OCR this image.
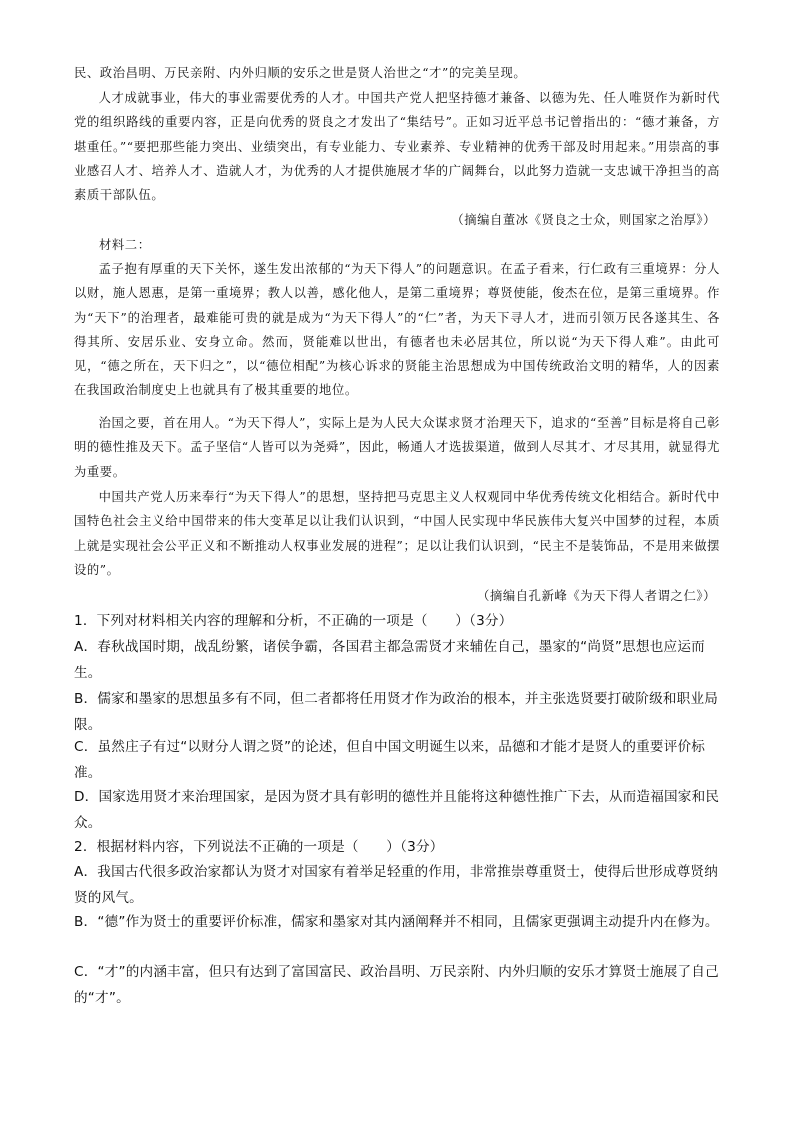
民、政治昌明、万民亲附、内外归顺的安乐之世是贤人治世之“才”的完美呈现。

人才成就事业，伟大的事业需要优秀的人才。中国共产党人把坚持德才兼备、以德为先、任人唯贤作为新时代党的组织路线的重要内容，正是向优秀的贤良之才发出了“集结号”。正如习近平总书记曾指出的：“德才兼备，方堪重任。”“要把那些能力突出、业绩突出，有专业能力、专业素养、专业精神的优秀干部及时用起来。”用崇高的事业感召人才、培养人才、造就人才，为优秀的人才提供施展才华的广阔舞台，以此努力造就一支忠诚干净担当的高素质干部队伍。

（摘编自董冰《贤良之士众，则国家之治厚》）

材料二：

孟子抱有厚重的天下关怀，遂生发出浓郁的“为天下得人”的问题意识。在孟子看来，行仁政有三重境界：分人以财，施人恩惠，是第一重境界；教人以善，感化他人，是第二重境界；尊贤使能，俊杰在位，是第三重境界。作为“天下”的治理者，最难能可贵的就是成为“为天下得人”的“仁”者，为天下寻人才，进而引领万民各遂其生、各得其所、安居乐业、安身立命。然而，贤能难以世出，有德者也未必居其位，所以说“为天下得人难”。由此可见，“德之所在，天下归之”，以“德位相配”为核心诉求的贤能主治思想成为中国传统政治文明的精华，人的因素在我国政治制度史上也就具有了极其重要的地位。

治国之要，首在用人。“为天下得人”，实际上是为人民大众谋求贤才治理天下，追求的“至善”目标是将自己彰明的德性推及天下。孟子坚信“人皆可以为尧舜”，因此，畅通人才选拔渠道，做到人尽其才、才尽其用，就显得尤为重要。

中国共产党人历来奉行“为天下得人”的思想，坚持把马克思主义人权观同中华优秀传统文化相结合。新时代中国特色社会主义给中国带来的伟大变革足以让我们认识到，“中国人民实现中华民族伟大复兴中国梦的过程，本质上就是实现社会公平正义和不断推动人权事业发展的进程”；足以让我们认识到，“民主不是装饰品，不是用来做摆设的”。

（摘编自孔新峰《为天下得人者谓之仁》）

1．下列对材料相关内容的理解和分析，不正确的一项是（　　）（3分）

A．春秋战国时期，战乱纷繁，诸侯争霸，各国君主都急需贤才来辅佐自己，墨家的“尚贤”思想也应运而生。

B．儒家和墨家的思想虽多有不同，但二者都将任用贤才作为政治的根本，并主张选贤要打破阶级和职业局限。

C．虽然庄子有过“以财分人谓之贤”的论述，但自中国文明诞生以来，品德和才能才是贤人的重要评价标准。

D．国家选用贤才来治理国家，是因为贤才具有彰明的德性并且能将这种德性推广下去，从而造福国家和民众。

2．根据材料内容，下列说法不正确的一项是（　　）（3分）

A．我国古代很多政治家都认为贤才对国家有着举足轻重的作用，非常推崇尊重贤士，使得后世形成尊贤纳贤的风气。

B．“德”作为贤士的重要评价标准，儒家和墨家对其内涵阐释并不相同，且儒家更强调主动提升内在修为。

C．“才”的内涵丰富，但只有达到了富国富民、政治昌明、万民亲附、内外归顺的安乐才算贤士施展了自己的“才”。
